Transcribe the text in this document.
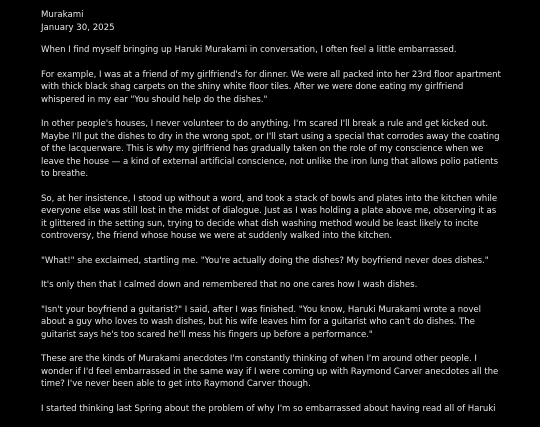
Murakami
January 30, 2025

When I find myself bringing up Haruki Murakami in conversation, I often feel a little embarrassed.

For example, I was at a friend of my girlfriend's for dinner. We were all packed into her 23rd floor apartment with thick black shag carpets on the shiny white floor tiles. After we were done eating my girlfriend whispered in my ear "You should help do the dishes."

In other people's houses, I never volunteer to do anything. I'm scared I'll break a rule and get kicked out. Maybe I'll put the dishes to dry in the wrong spot, or I'll start using a special that corrodes away the coating of the lacquerware. This is why my girlfriend has gradually taken on the role of my conscience when we leave the house — a kind of external artificial conscience, not unlike the iron lung that allows polio patients to breathe.

So, at her insistence, I stood up without a word, and took a stack of bowls and plates into the kitchen while everyone else was still lost in the midst of dialogue. Just as I was holding a plate above me, observing it as it glittered in the setting sun, trying to decide what dish washing method would be least likely to incite controversy, the friend whose house we were at suddenly walked into the kitchen.

"What!" she exclaimed, startling me. "You're actually doing the dishes? My boyfriend never does dishes."

It's only then that I calmed down and remembered that no one cares how I wash dishes.

"Isn't your boyfriend a guitarist?" I said, after I was finished. "You know, Haruki Murakami wrote a novel about a guy who loves to wash dishes, but his wife leaves him for a guitarist who can't do dishes. The guitarist says he's too scared he'll mess his fingers up before a performance."

These are the kinds of Murakami anecdotes I'm constantly thinking of when I'm around other people. I wonder if I'd feel embarrassed in the same way if I were coming up with Raymond Carver anecdotes all the time? I've never been able to get into Raymond Carver though.

I started thinking last Spring about the problem of why I'm so embarrassed about having read all of Haruki
